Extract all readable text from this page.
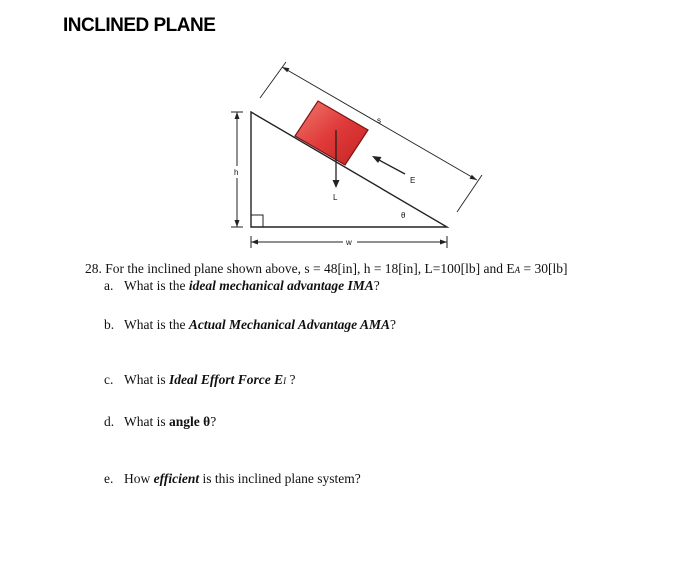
INCLINED PLANE
h
w
s
L
E
θ
28. For the inclined plane shown above, s = 48[in], h = 18[in], L=100[lb] and EA = 30[lb]
a. What is the ideal mechanical advantage IMA?
b. What is the Actual Mechanical Advantage AMA?
c. What is Ideal Effort Force EI ?
d. What is angle θ?
e. How efficient is this inclined plane system?
